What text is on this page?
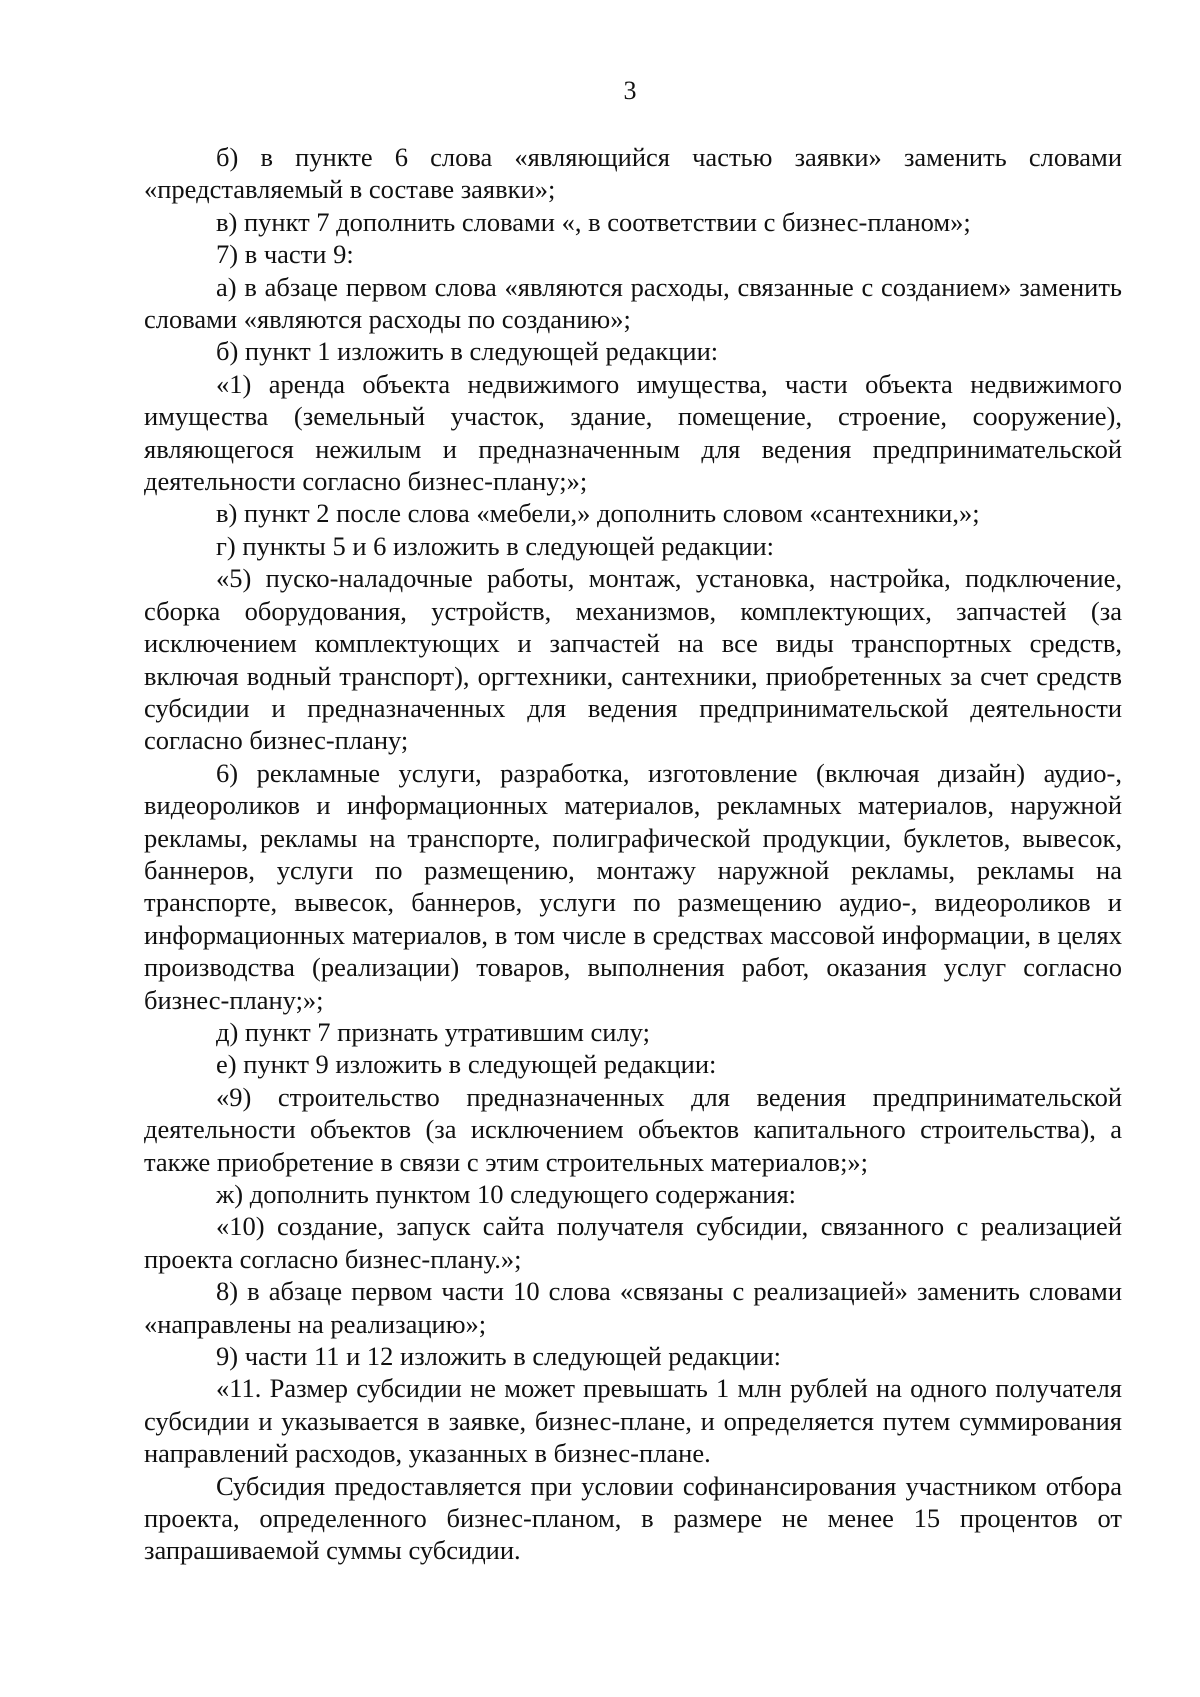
3

б) в пункте 6 слова «являющийся частью заявки» заменить словами «представляемый в составе заявки»;

в) пункт 7 дополнить словами «, в соответствии с бизнес-планом»;

7) в части 9:

а) в абзаце первом слова «являются расходы, связанные с созданием» заменить словами «являются расходы по созданию»;

б) пункт 1 изложить в следующей редакции:

«1) аренда объекта недвижимого имущества, части объекта недвижимого имущества (земельный участок, здание, помещение, строение, сооружение), являющегося нежилым и предназначенным для ведения предпринимательской деятельности согласно бизнес-плану;»;

в) пункт 2 после слова «мебели,» дополнить словом «сантехники,»;

г) пункты 5 и 6 изложить в следующей редакции:

«5) пуско-наладочные работы, монтаж, установка, настройка, подключение, сборка оборудования, устройств, механизмов, комплектующих, запчастей (за исключением комплектующих и запчастей на все виды транспортных средств, включая водный транспорт), оргтехники, сантехники, приобретенных за счет средств субсидии и предназначенных для ведения предпринимательской деятельности согласно бизнес-плану;

6) рекламные услуги, разработка, изготовление (включая дизайн) аудио-, видеороликов и информационных материалов, рекламных материалов, наружной рекламы, рекламы на транспорте, полиграфической продукции, буклетов, вывесок, баннеров, услуги по размещению, монтажу наружной рекламы, рекламы на транспорте, вывесок, баннеров, услуги по размещению аудио-, видеороликов и информационных материалов, в том числе в средствах массовой информации, в целях производства (реализации) товаров, выполнения работ, оказания услуг согласно бизнес-плану;»;

д) пункт 7 признать утратившим силу;

е) пункт 9 изложить в следующей редакции:

«9) строительство предназначенных для ведения предпринимательской деятельности объектов (за исключением объектов капитального строительства), а также приобретение в связи с этим строительных материалов;»;

ж) дополнить пунктом 10 следующего содержания:

«10) создание, запуск сайта получателя субсидии, связанного с реализацией проекта согласно бизнес-плану.»;

8) в абзаце первом части 10 слова «связаны с реализацией» заменить словами «направлены на реализацию»;

9) части 11 и 12 изложить в следующей редакции:

«11. Размер субсидии не может превышать 1 млн рублей на одного получателя субсидии и указывается в заявке, бизнес-плане, и определяется путем суммирования направлений расходов, указанных в бизнес-плане.

Субсидия предоставляется при условии софинансирования участником отбора проекта, определенного бизнес-планом, в размере не менее 15 процентов от запрашиваемой суммы субсидии.
